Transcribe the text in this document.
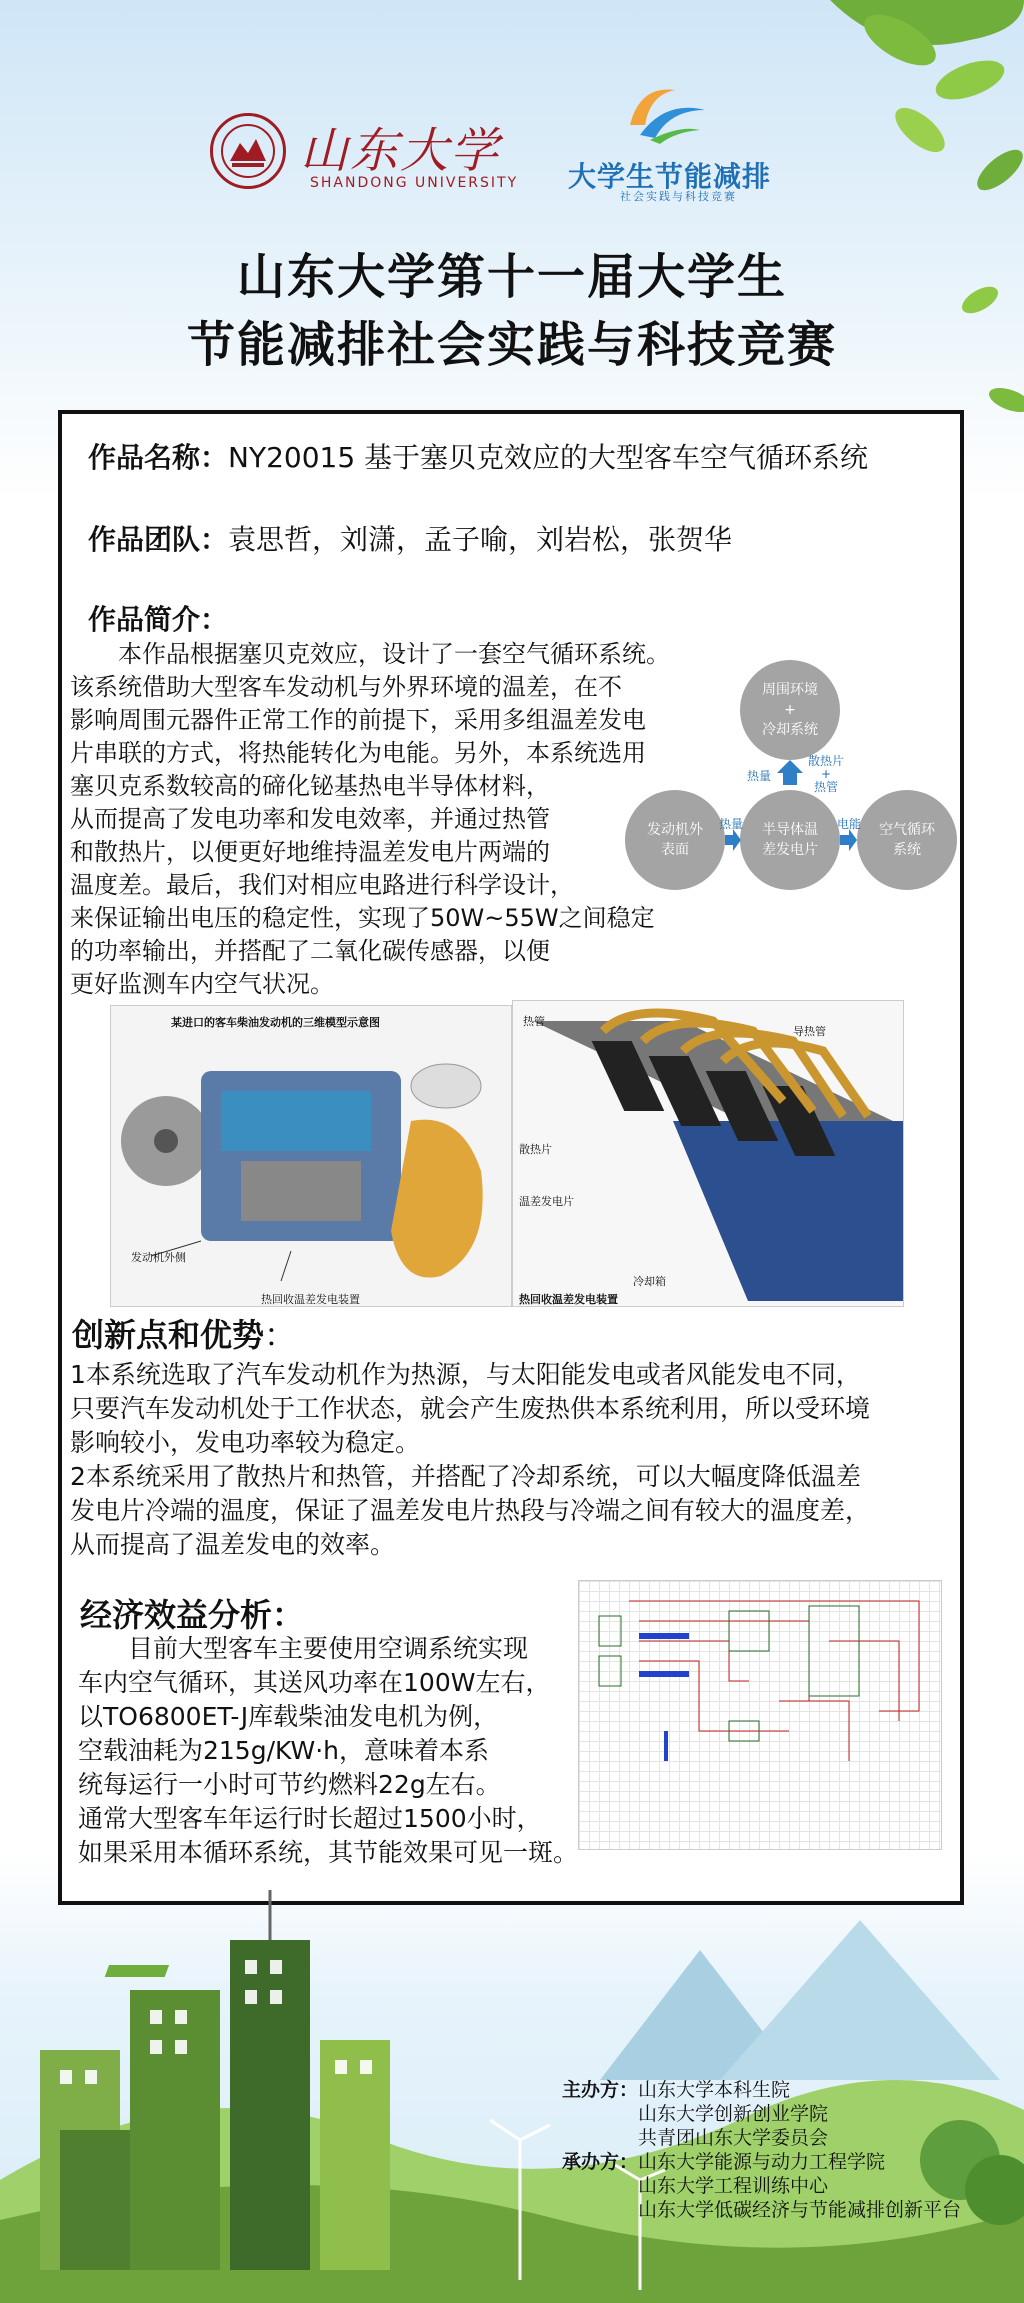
山东大学
SHANDONG UNIVERSITY 大学生节能减排
社会实践与科技竞赛
山东大学第十一届大学生
节能减排社会实践与科技竞赛
作品名称：NY20015 基于塞贝克效应的大型客车空气循环系统
作品团队：袁思哲，刘潇，孟子喻，刘岩松，张贺华
作品简介：
　　本作品根据塞贝克效应，设计了一套空气循环系统。
该系统借助大型客车发动机与外界环境的温差，在不
影响周围元器件正常工作的前提下，采用多组温差发电
片串联的方式，将热能转化为电能。另外，本系统选用
塞贝克系数较高的碲化铋基热电半导体材料，
从而提高了发电功率和发电效率，并通过热管
和散热片，以便更好地维持温差发电片两端的
温度差。最后，我们对相应电路进行科学设计，
来保证输出电压的稳定性，实现了50W~55W之间稳定
的功率输出，并搭配了二氧化碳传感器，以便
更好监测车内空气状况。
周围环境
+
冷却系统
发动机外
表面
半导体温
差发电片
空气循环
系统
热量
散热片
+
热管
热量	电能
某进口的客车柴油发动机的三维模型示意图
发动机外侧
热回收温差发电装置
热管
导热管
散热片
温差发电片
冷却箱
热回收温差发电装置
创新点和优势：
1本系统选取了汽车发动机作为热源，与太阳能发电或者风能发电不同，
只要汽车发动机处于工作状态，就会产生废热供本系统利用，所以受环境
影响较小，发电功率较为稳定。
2本系统采用了散热片和热管，并搭配了冷却系统，可以大幅度降低温差
发电片冷端的温度，保证了温差发电片热段与冷端之间有较大的温度差，
从而提高了温差发电的效率。
经济效益分析：
　　目前大型客车主要使用空调系统实现
车内空气循环，其送风功率在100W左右，
以TO6800ET-J库载柴油发电机为例，
空载油耗为215g/KW·h，意味着本系
统每运行一小时可节约燃料22g左右。
通常大型客车年运行时长超过1500小时，
如果采用本循环系统，其节能效果可见一斑。
主办方：山东大学本科生院
山东大学创新创业学院
共青团山东大学委员会
承办方：山东大学能源与动力工程学院
山东大学工程训练中心
山东大学低碳经济与节能减排创新平台
